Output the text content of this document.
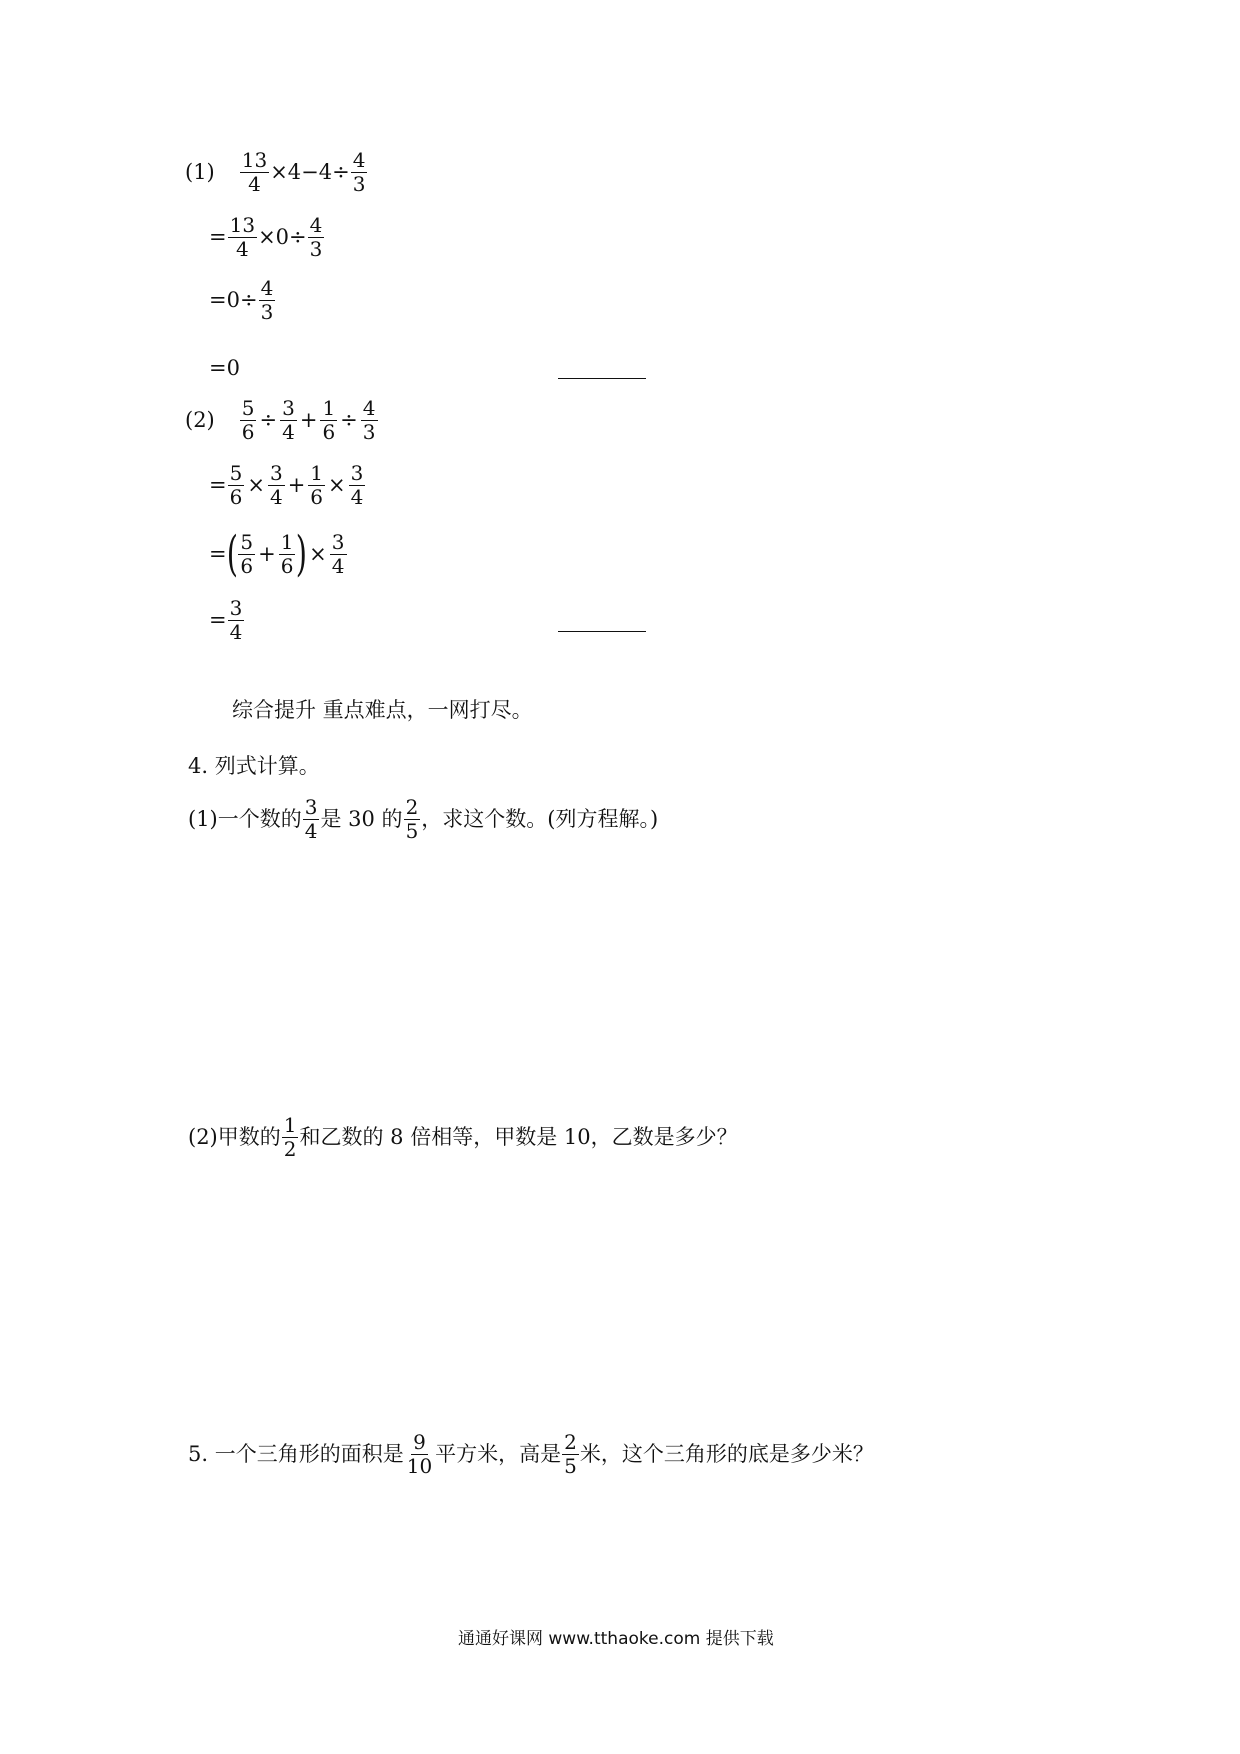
$(1) \frac{13}{4} \times 4-4\div \frac{4}{3}$
= $\frac{13}{4} \times 0\div \frac{4}{3}$
= $0\div \frac{4}{3}$
=0
$(2) \frac{5}{6} \div \frac{3}{4} + \frac{1}{6} \div \frac{4}{3}$
= $\frac{5}{6} \times \frac{3}{4} + \frac{1}{6} \times \frac{3}{4}$
= ( $\frac{5}{6} + \frac{1}{6}$ ) × $\frac{3}{4}$
= $\frac{3}{4}$
综合提升 重点难点，一网打尽。
4. 列式计算。
(1)一个数的 $\frac{3}{4}$ 是 30 的 $\frac{2}{5}$ ，求这个数。(列方程解。)
(2)甲数的 $\frac{1}{2}$ 和乙数的 8 倍相等，甲数是 10，乙数是多少？
5. 一个三角形的面积是 $\frac{9}{10}$ 平方米，高是 $\frac{2}{5}$ 米，这个三角形的底是多少米？
通通好课网 www.tthaoke.com 提供下载
